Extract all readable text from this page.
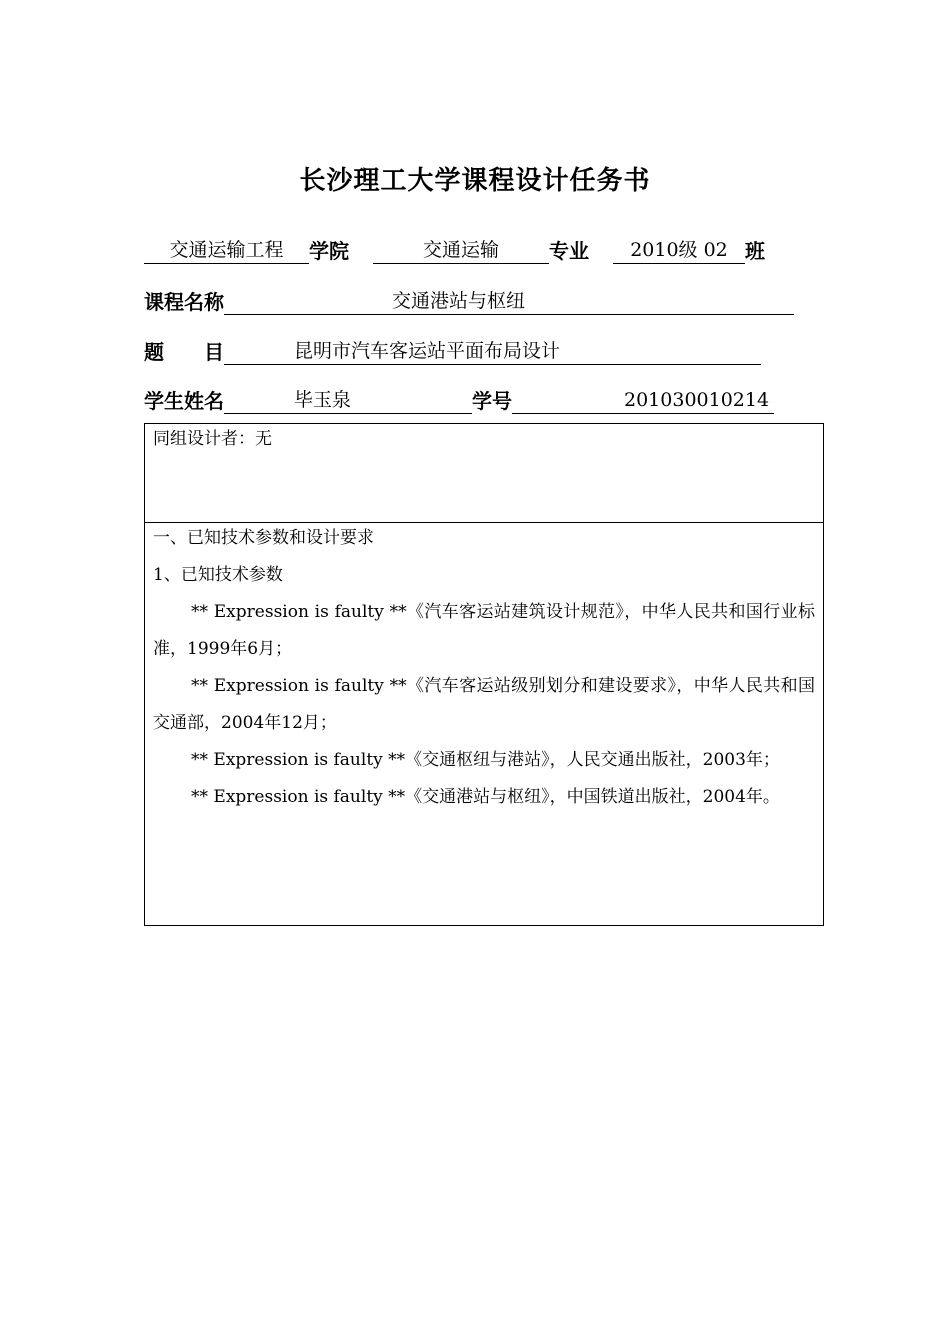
长沙理工大学课程设计任务书
交通运输工程	学院	交通运输	专业	2010级 02 班
课程名称	交通港站与枢纽
题　　目	昆明市汽车客运站平面布局设计
学生姓名	毕玉泉	学号	201030010214

同组设计者：无

一、已知技术参数和设计要求

1、已知技术参数

** Expression is faulty **《汽车客运站建筑设计规范》，中华人民共和国行业标准，1999年6月；

** Expression is faulty **《汽车客运站级别划分和建设要求》，中华人民共和国交通部，2004年12月；

** Expression is faulty **《交通枢纽与港站》，人民交通出版社，2003年；

** Expression is faulty **《交通港站与枢纽》，中国铁道出版社，2004年。
